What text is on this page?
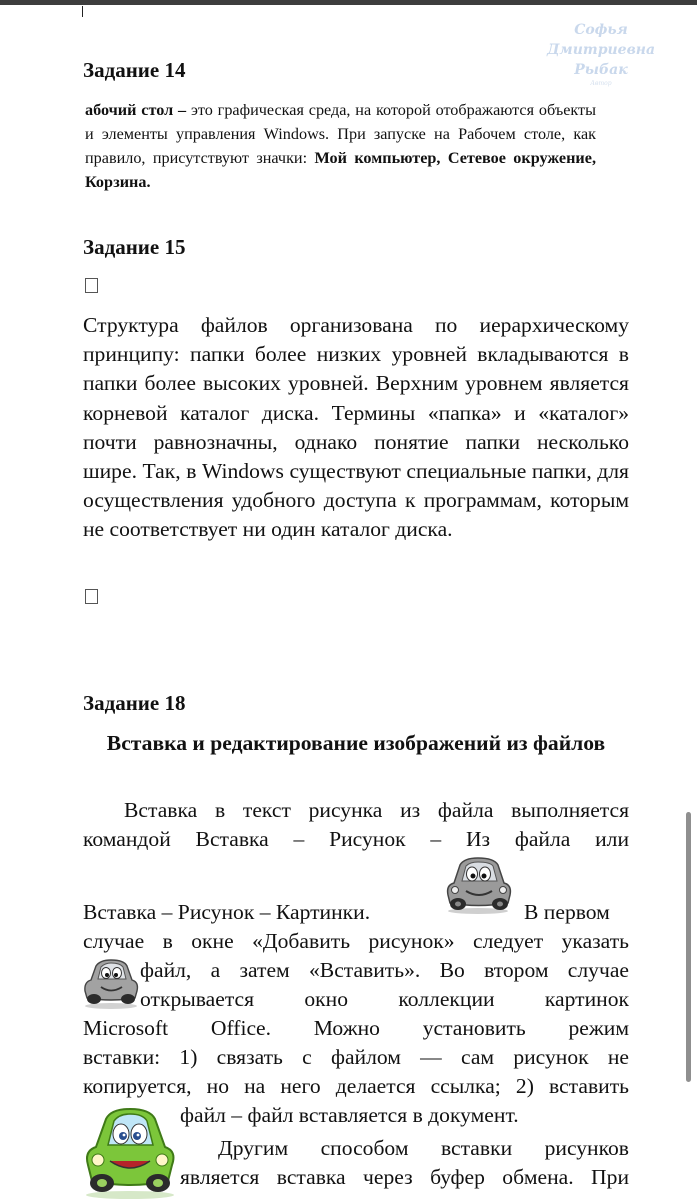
Софья Дмитриевна
Рыбак
Автор
Задание 14

абочий стол – это графическая среда, на которой отображаются объекты и элементы управления Windows. При запуске на Рабочем столе, как правило, присутствуют значки: Мой компьютер, Сетевое окружение, Корзина.

Задание 15

Структура файлов организована по иерархическому принципу: папки более низких уровней вкладываются в папки более высоких уровней. Верхним уровнем является корневой каталог диска. Термины «папка» и «каталог» почти равнозначны, однако понятие папки несколько шире. Так, в Windows существуют специальные папки, для осуществления удобного доступа к программам, которым не соответствует ни один каталог диска.

Задание 18
Вставка и редактирование изображений из файлов

Вставка в текст рисунка из файла выполняется

командой Вставка – Рисунок – Из файла или

Вставка – Рисунок – Картинки.	В первом

случае в окне «Добавить рисунок» следует указать

файл, а затем «Вставить». Во втором случае

открывается окно коллекции картинок

Microsoft Office. Можно установить режим

вставки: 1) связать с файлом — сам рисунок не

копируется, но на него делается ссылка; 2) вставить

файл – файл вставляется в документ.

Другим способом вставки рисунков

является вставка через буфер обмена. При
